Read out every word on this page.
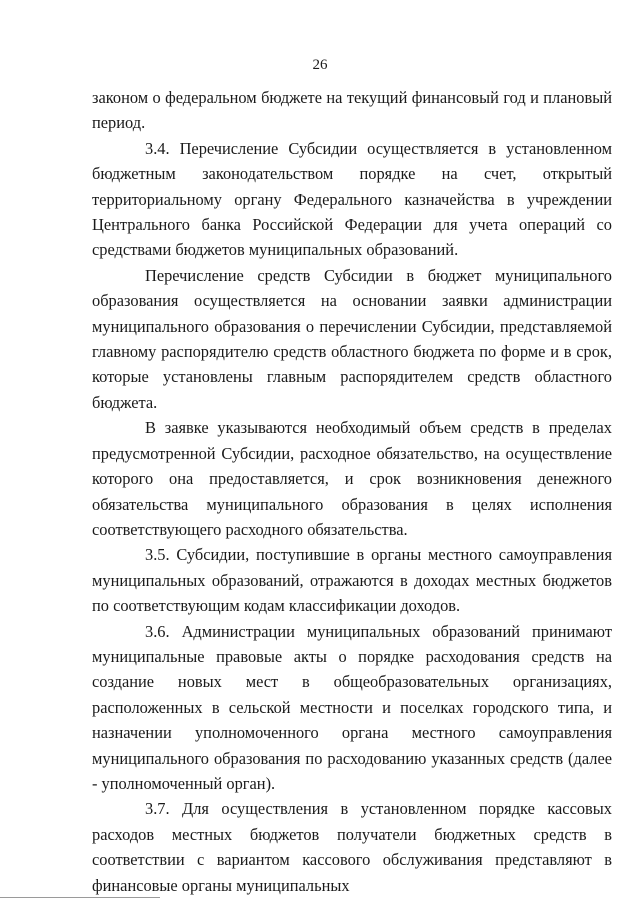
26

законом о федеральном бюджете на текущий финансовый год и плановый период.

3.4. Перечисление Субсидии осуществляется в установленном бюджетным законодательством порядке на счет, открытый территориальному органу Федерального казначейства в учреждении Центрального банка Российской Федерации для учета операций со средствами бюджетов муниципальных образований.

Перечисление средств Субсидии в бюджет муниципального образования осуществляется на основании заявки администрации муниципального образования о перечислении Субсидии, представляемой главному распорядителю средств областного бюджета по форме и в срок, которые установлены главным распорядителем средств областного бюджета.

В заявке указываются необходимый объем средств в пределах предусмотренной Субсидии, расходное обязательство, на осуществление которого она предоставляется, и срок возникновения денежного обязательства муниципального образования в целях исполнения соответствующего расходного обязательства.

3.5. Субсидии, поступившие в органы местного самоуправления муниципальных образований, отражаются в доходах местных бюджетов по соответствующим кодам классификации доходов.

3.6. Администрации муниципальных образований принимают муниципальные правовые акты о порядке расходования средств на создание новых мест в общеобразовательных организациях, расположенных в сельской местности и поселках городского типа, и назначении уполномоченного органа местного самоуправления муниципального образования по расходованию указанных средств (далее - уполномоченный орган).

3.7. Для осуществления в установленном порядке кассовых расходов местных бюджетов получатели бюджетных средств в соответствии с вариантом кассового обслуживания представляют в финансовые органы муниципальных
